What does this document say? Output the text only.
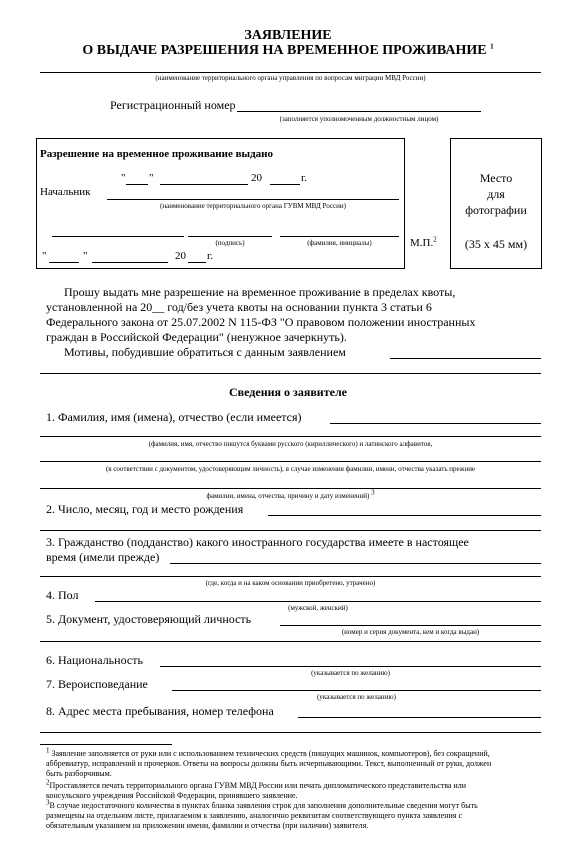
ЗАЯВЛЕНИЕ
О ВЫДАЧЕ РАЗРЕШЕНИЯ НА ВРЕМЕННОЕ ПРОЖИВАНИЕ $^1$
(наименование территориального органа управления по вопросам миграции МВД России)
Регистрационный номер
(заполняется уполномоченным должностным лицом)
Разрешение на временное проживание выдано
" "	20	г.
Начальник
(наименование территориального органа ГУВМ МВД России)
(подпись)	(фамилия, инициалы)
"	"	20 г.
М.П.$^2$
Место
для
фотографии
(35 x 45 мм)
Прошу выдать мне разрешение на временное проживание в пределах квоты,
установленной на 20__ год/без учета квоты на основании пункта 3 статьи 6
Федерального закона от 25.07.2002 N 115-ФЗ "О правовом положении иностранных
граждан в Российской Федерации" (ненужное зачеркнуть).
Мотивы, побудившие обратиться с данным заявлением
Сведения о заявителе
1. Фамилия, имя (имена), отчество (если имеется)
(фамилия, имя, отчество пишутся буквами русского (кириллического) и латинского алфавитов,
(в соответствии с документом, удостоверяющим личность), в случае изменения фамилии, имени, отчества указать прежние
фамилии, имена, отчества, причину и дату изменений) $^3$
2. Число, месяц, год и место рождения
3. Гражданство (подданство) какого иностранного государства имеете в настоящее
время (имели прежде)
(где, когда и на каком основании приобретено, утрачено)
4. Пол
(мужской, женский)
5. Документ, удостоверяющий личность
(номер и серия документа, кем и когда выдан)
6. Национальность
(указывается по желанию)
7. Вероисповедание
(указывается по желанию)
8. Адрес места пребывания, номер телефона
$^1$ Заявление заполняется от руки или с использованием технических средств (пишущих машинок, компьютеров), без сокращений,
аббревиатур, исправлений и прочерков. Ответы на вопросы должны быть исчерпывающими. Текст, выполненный от руки, должен
быть разборчивым.
$^2$Проставляется печать территориального органа ГУВМ МВД России или печать дипломатического представительства или
консульского учреждения Российской Федерации, принявшего заявление.
$^3$В случае недостаточного количества в пунктах бланка заявления строк для заполнения дополнительные сведения могут быть
размещены на отдельном листе, прилагаемом к заявлению, аналогично реквизитам соответствующего пункта заявления с
обязательным указанием на приложении имени, фамилии и отчества (при наличии) заявителя.
